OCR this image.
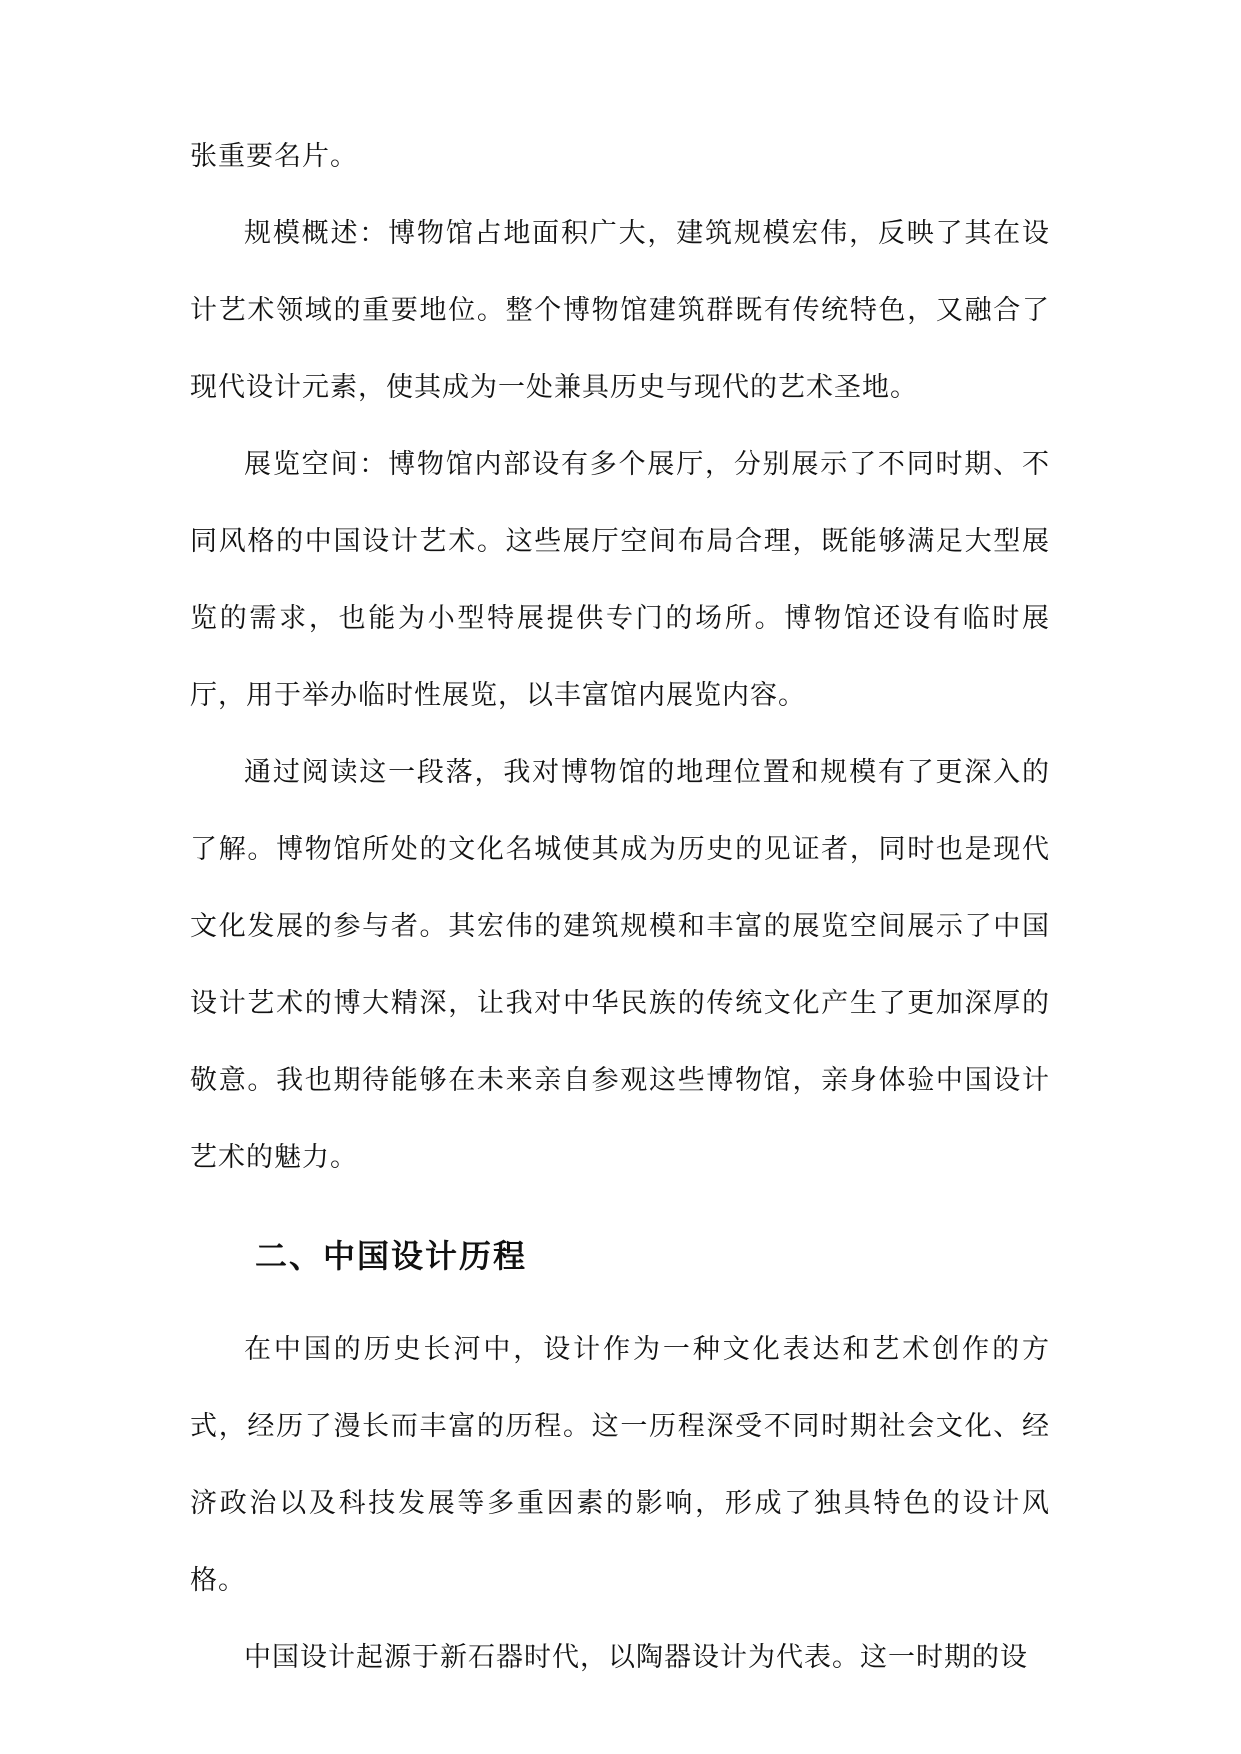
张重要名片。

规模概述：博物馆占地面积广大，建筑规模宏伟，反映了其在设计艺术领域的重要地位。整个博物馆建筑群既有传统特色，又融合了现代设计元素，使其成为一处兼具历史与现代的艺术圣地。

展览空间：博物馆内部设有多个展厅，分别展示了不同时期、不同风格的中国设计艺术。这些展厅空间布局合理，既能够满足大型展览的需求，也能为小型特展提供专门的场所。博物馆还设有临时展厅，用于举办临时性展览，以丰富馆内展览内容。

通过阅读这一段落，我对博物馆的地理位置和规模有了更深入的了解。博物馆所处的文化名城使其成为历史的见证者，同时也是现代文化发展的参与者。其宏伟的建筑规模和丰富的展览空间展示了中国设计艺术的博大精深，让我对中华民族的传统文化产生了更加深厚的敬意。我也期待能够在未来亲自参观这些博物馆，亲身体验中国设计艺术的魅力。

二、中国设计历程

在中国的历史长河中，设计作为一种文化表达和艺术创作的方式，经历了漫长而丰富的历程。这一历程深受不同时期社会文化、经济政治以及科技发展等多重因素的影响，形成了独具特色的设计风格。

中国设计起源于新石器时代，以陶器设计为代表。这一时期的设
